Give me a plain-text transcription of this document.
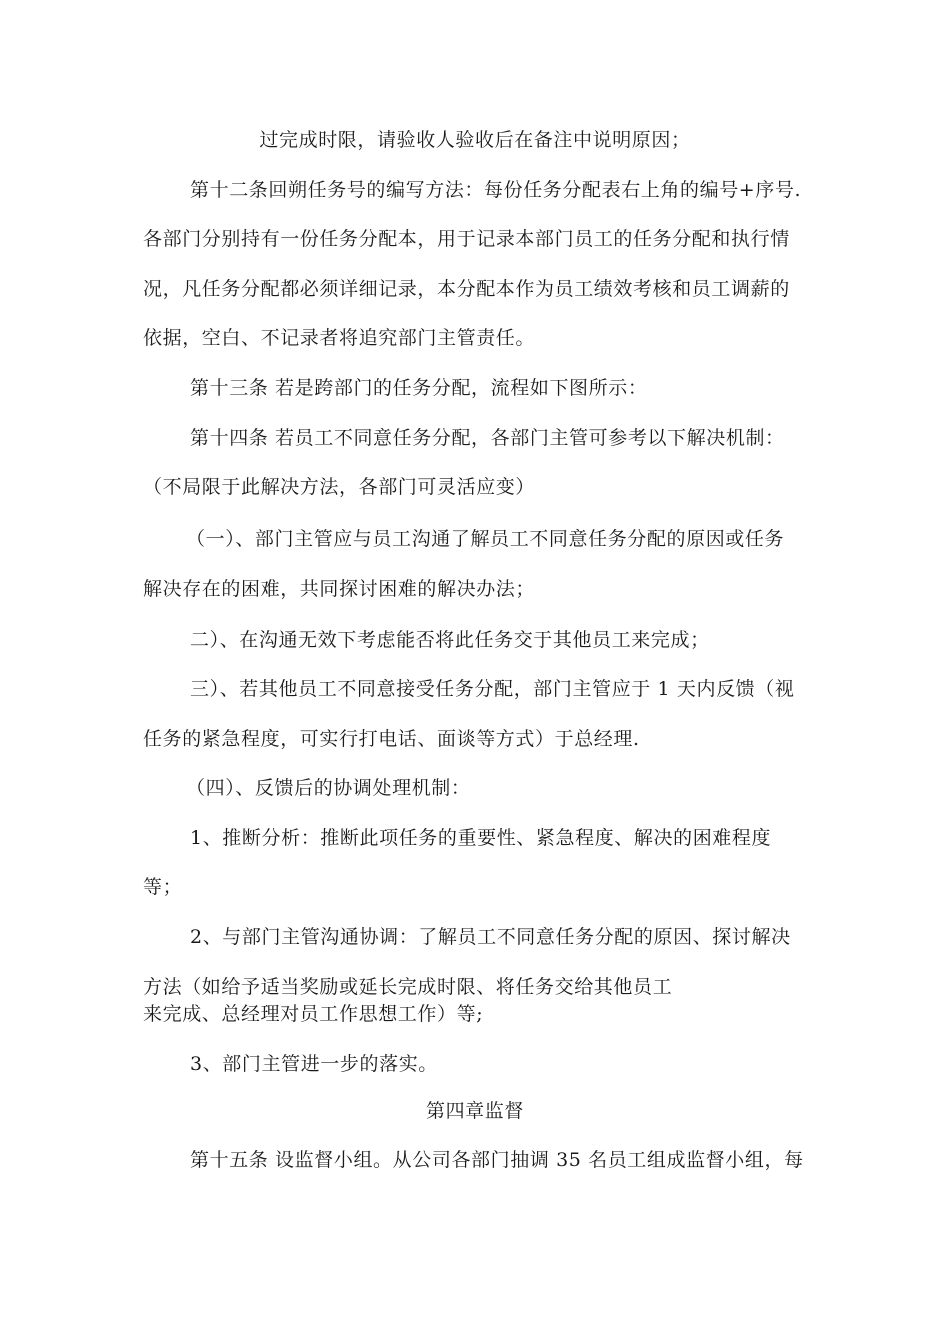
过完成时限，请验收人验收后在备注中说明原因；
第十二条回朔任务号的编写方法：每份任务分配表右上角的编号+序号.
各部门分别持有一份任务分配本，用于记录本部门员工的任务分配和执行情
况，凡任务分配都必须详细记录，本分配本作为员工绩效考核和员工调薪的
依据，空白、不记录者将追究部门主管责任。
第十三条 若是跨部门的任务分配，流程如下图所示：
第十四条 若员工不同意任务分配，各部门主管可参考以下解决机制：
（不局限于此解决方法，各部门可灵活应变）
（一）、部门主管应与员工沟通了解员工不同意任务分配的原因或任务
解决存在的困难，共同探讨困难的解决办法；
二）、在沟通无效下考虑能否将此任务交于其他员工来完成；
三）、若其他员工不同意接受任务分配，部门主管应于 1 天内反馈（视
任务的紧急程度，可实行打电话、面谈等方式）于总经理.
（四）、反馈后的协调处理机制：
1、推断分析：推断此项任务的重要性、紧急程度、解决的困难程度
等；
2、与部门主管沟通协调：了解员工不同意任务分配的原因、探讨解决
方法（如给予适当奖励或延长完成时限、将任务交给其他员工
来完成、总经理对员工作思想工作）等;
3、部门主管进一步的落实。
第四章监督
第十五条 设监督小组。从公司各部门抽调 35 名员工组成监督小组，每
